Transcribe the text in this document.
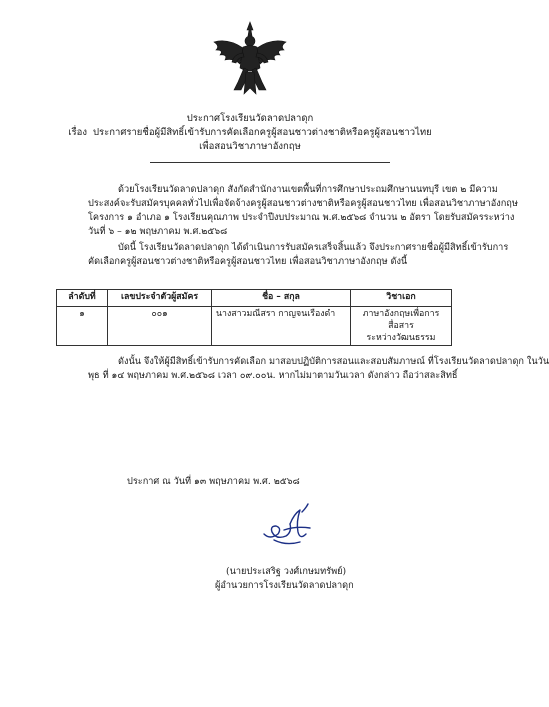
ประกาศโรงเรียนวัดลาดปลาดุก
เรื่อง ประกาศรายชื่อผู้มีสิทธิ์เข้ารับการคัดเลือกครูผู้สอนชาวต่างชาติหรือครูผู้สอนชาวไทย
เพื่อสอนวิชาภาษาอังกฤษ

ด้วยโรงเรียนวัดลาดปลาดุก สังกัดสำนักงานเขตพื้นที่การศึกษาประถมศึกษานนทบุรี เขต ๒ มีความ

ประสงค์จะรับสมัครบุคคลทั่วไปเพื่อจัดจ้างครูผู้สอนชาวต่างชาติหรือครูผู้สอนชาวไทย เพื่อสอนวิชาภาษาอังกฤษ

โครงการ ๑ อำเภอ ๑ โรงเรียนคุณภาพ ประจำปีงบประมาณ พ.ศ.๒๕๖๘ จำนวน ๒ อัตรา โดยรับสมัครระหว่าง

วันที่ ๖ – ๑๒ พฤษภาคม พ.ศ.๒๕๖๘

บัดนี้ โรงเรียนวัดลาดปลาดุก ได้ดำเนินการรับสมัครเสร็จสิ้นแล้ว จึงประกาศรายชื่อผู้มีสิทธิ์เข้ารับการ

คัดเลือกครูผู้สอนชาวต่างชาติหรือครูผู้สอนชาวไทย เพื่อสอนวิชาภาษาอังกฤษ ดังนี้

ลำดับที่	เลขประจำตัวผู้สมัคร	ชื่อ – สกุล	วิชาเอก
๑	๐๐๑	นางสาวมณีสรา กาญจนเรืองดำ	ภาษาอังกฤษเพื่อการสื่อสาร
ระหว่างวัฒนธรรม

ดังนั้น จึงให้ผู้มีสิทธิ์เข้ารับการคัดเลือก มาสอบปฏิบัติการสอนและสอบสัมภาษณ์ ที่โรงเรียนวัดลาดปลาดุก ในวัน

พุธ ที่ ๑๔ พฤษภาคม พ.ศ.๒๕๖๘ เวลา ๐๙.๐๐น. หากไม่มาตามวันเวลา ดังกล่าว ถือว่าสละสิทธิ์

ประกาศ ณ วันที่ ๑๓ พฤษภาคม พ.ศ. ๒๕๖๘
(นายประเสริฐ วงศ์เกษมทรัพย์)
ผู้อำนวยการโรงเรียนวัดลาดปลาดุก
